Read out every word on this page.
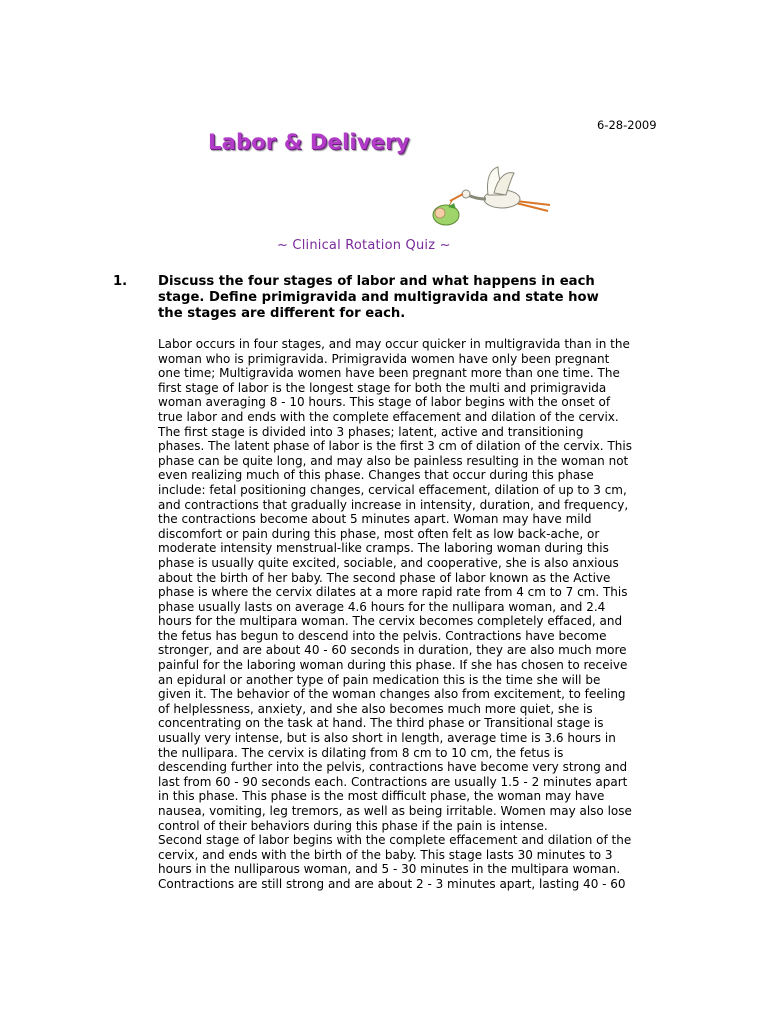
6-28-2009
Labor & Delivery
~ Clinical Rotation Quiz ~
1. Discuss the four stages of labor and what happens in each
stage. Define primigravida and multigravida and state how
the stages are different for each.
Labor occurs in four stages, and may occur quicker in multigravida than in the
woman who is primigravida. Primigravida women have only been pregnant
one time; Multigravida women have been pregnant more than one time. The
first stage of labor is the longest stage for both the multi and primigravida
woman averaging 8 - 10 hours. This stage of labor begins with the onset of
true labor and ends with the complete effacement and dilation of the cervix.
The first stage is divided into 3 phases; latent, active and transitioning
phases. The latent phase of labor is the first 3 cm of dilation of the cervix. This
phase can be quite long, and may also be painless resulting in the woman not
even realizing much of this phase. Changes that occur during this phase
include: fetal positioning changes, cervical effacement, dilation of up to 3 cm,
and contractions that gradually increase in intensity, duration, and frequency,
the contractions become about 5 minutes apart. Woman may have mild
discomfort or pain during this phase, most often felt as low back-ache, or
moderate intensity menstrual-like cramps. The laboring woman during this
phase is usually quite excited, sociable, and cooperative, she is also anxious
about the birth of her baby. The second phase of labor known as the Active
phase is where the cervix dilates at a more rapid rate from 4 cm to 7 cm. This
phase usually lasts on average 4.6 hours for the nullipara woman, and 2.4
hours for the multipara woman. The cervix becomes completely effaced, and
the fetus has begun to descend into the pelvis. Contractions have become
stronger, and are about 40 - 60 seconds in duration, they are also much more
painful for the laboring woman during this phase. If she has chosen to receive
an epidural or another type of pain medication this is the time she will be
given it. The behavior of the woman changes also from excitement, to feeling
of helplessness, anxiety, and she also becomes much more quiet, she is
concentrating on the task at hand. The third phase or Transitional stage is
usually very intense, but is also short in length, average time is 3.6 hours in
the nullipara. The cervix is dilating from 8 cm to 10 cm, the fetus is
descending further into the pelvis, contractions have become very strong and
last from 60 - 90 seconds each. Contractions are usually 1.5 - 2 minutes apart
in this phase. This phase is the most difficult phase, the woman may have
nausea, vomiting, leg tremors, as well as being irritable. Women may also lose
control of their behaviors during this phase if the pain is intense.
Second stage of labor begins with the complete effacement and dilation of the
cervix, and ends with the birth of the baby. This stage lasts 30 minutes to 3
hours in the nulliparous woman, and 5 - 30 minutes in the multipara woman.
Contractions are still strong and are about 2 - 3 minutes apart, lasting 40 - 60
